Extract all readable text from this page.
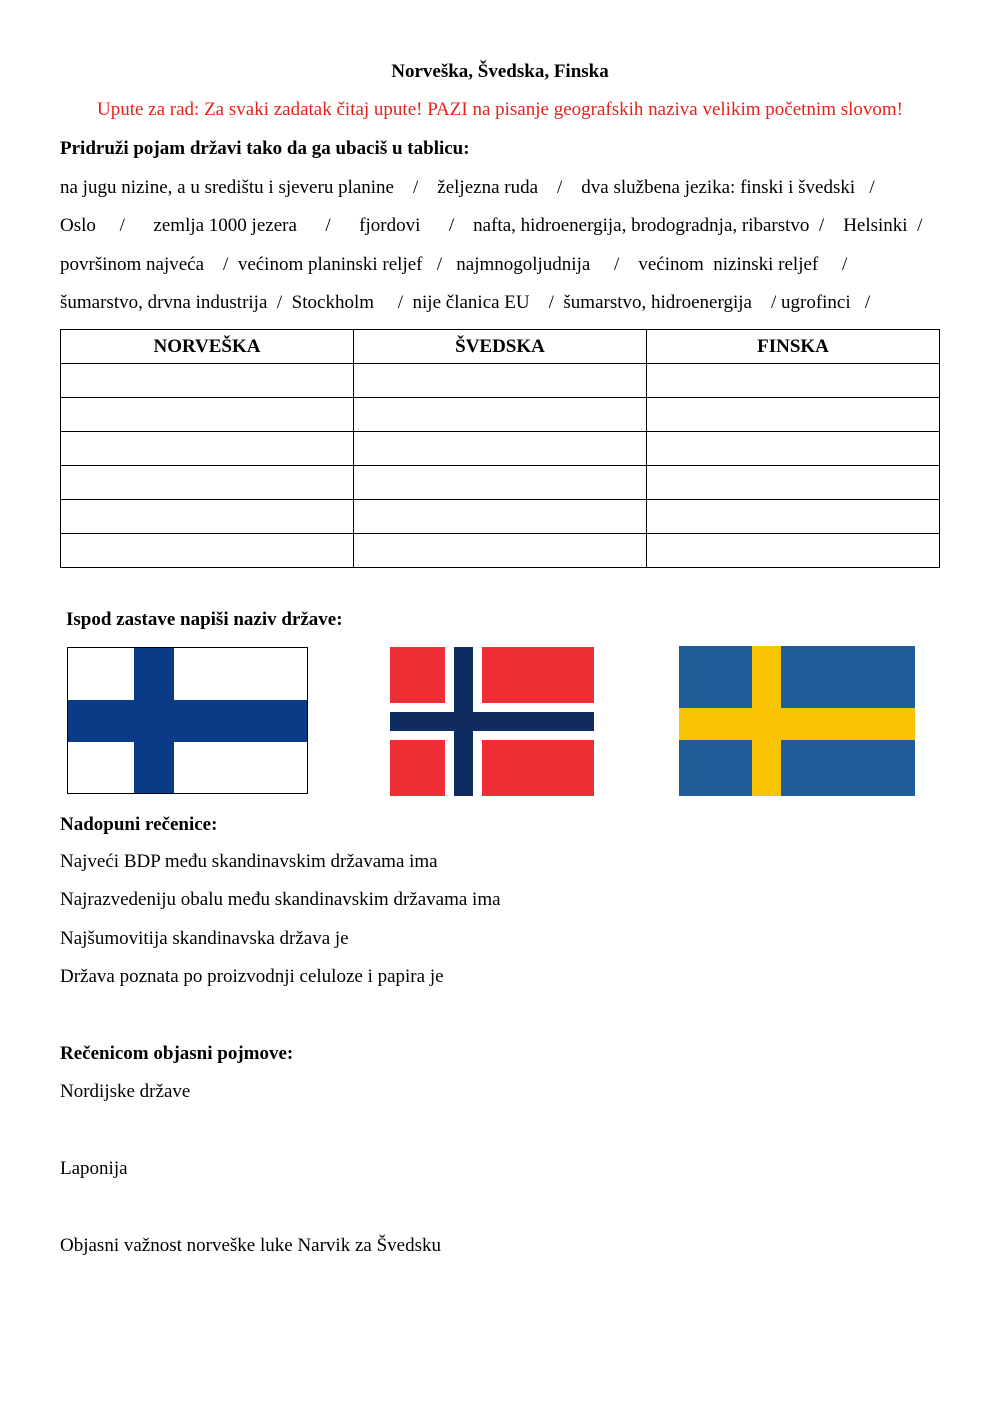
Norveška, Švedska, Finska
Upute za rad: Za svaki zadatak čitaj upute! PAZI na pisanje geografskih naziva velikim početnim slovom!
Pridruži pojam državi tako da ga ubaciš u tablicu:
na jugu nizine, a u središtu i sjeveru planine    /    željezna ruda    /    dva službena jezika: finski i švedski   /
Oslo     /      zemlja 1000 jezera      /      fjordovi      /    nafta, hidroenergija, brodogradnja, ribarstvo  /    Helsinki  /
površinom najveća    /  većinom planinski reljef   /   najmnogoljudnija     /    većinom  nizinski reljef     /
šumarstvo, drvna industrija  /  Stockholm     /  nije članica EU    /  šumarstvo, hidroenergija    / ugrofinci   /
NORVEŠKA	ŠVEDSKA	FINSKA

Ispod zastave napiši naziv države:
Nadopuni rečenice:
Najveći BDP među skandinavskim državama ima
Najrazvedeniju obalu među skandinavskim državama ima
Najšumovitija skandinavska država je
Država poznata po proizvodnji celuloze i papira je
Rečenicom objasni pojmove:
Nordijske države
Laponija
Objasni važnost norveške luke Narvik za Švedsku
